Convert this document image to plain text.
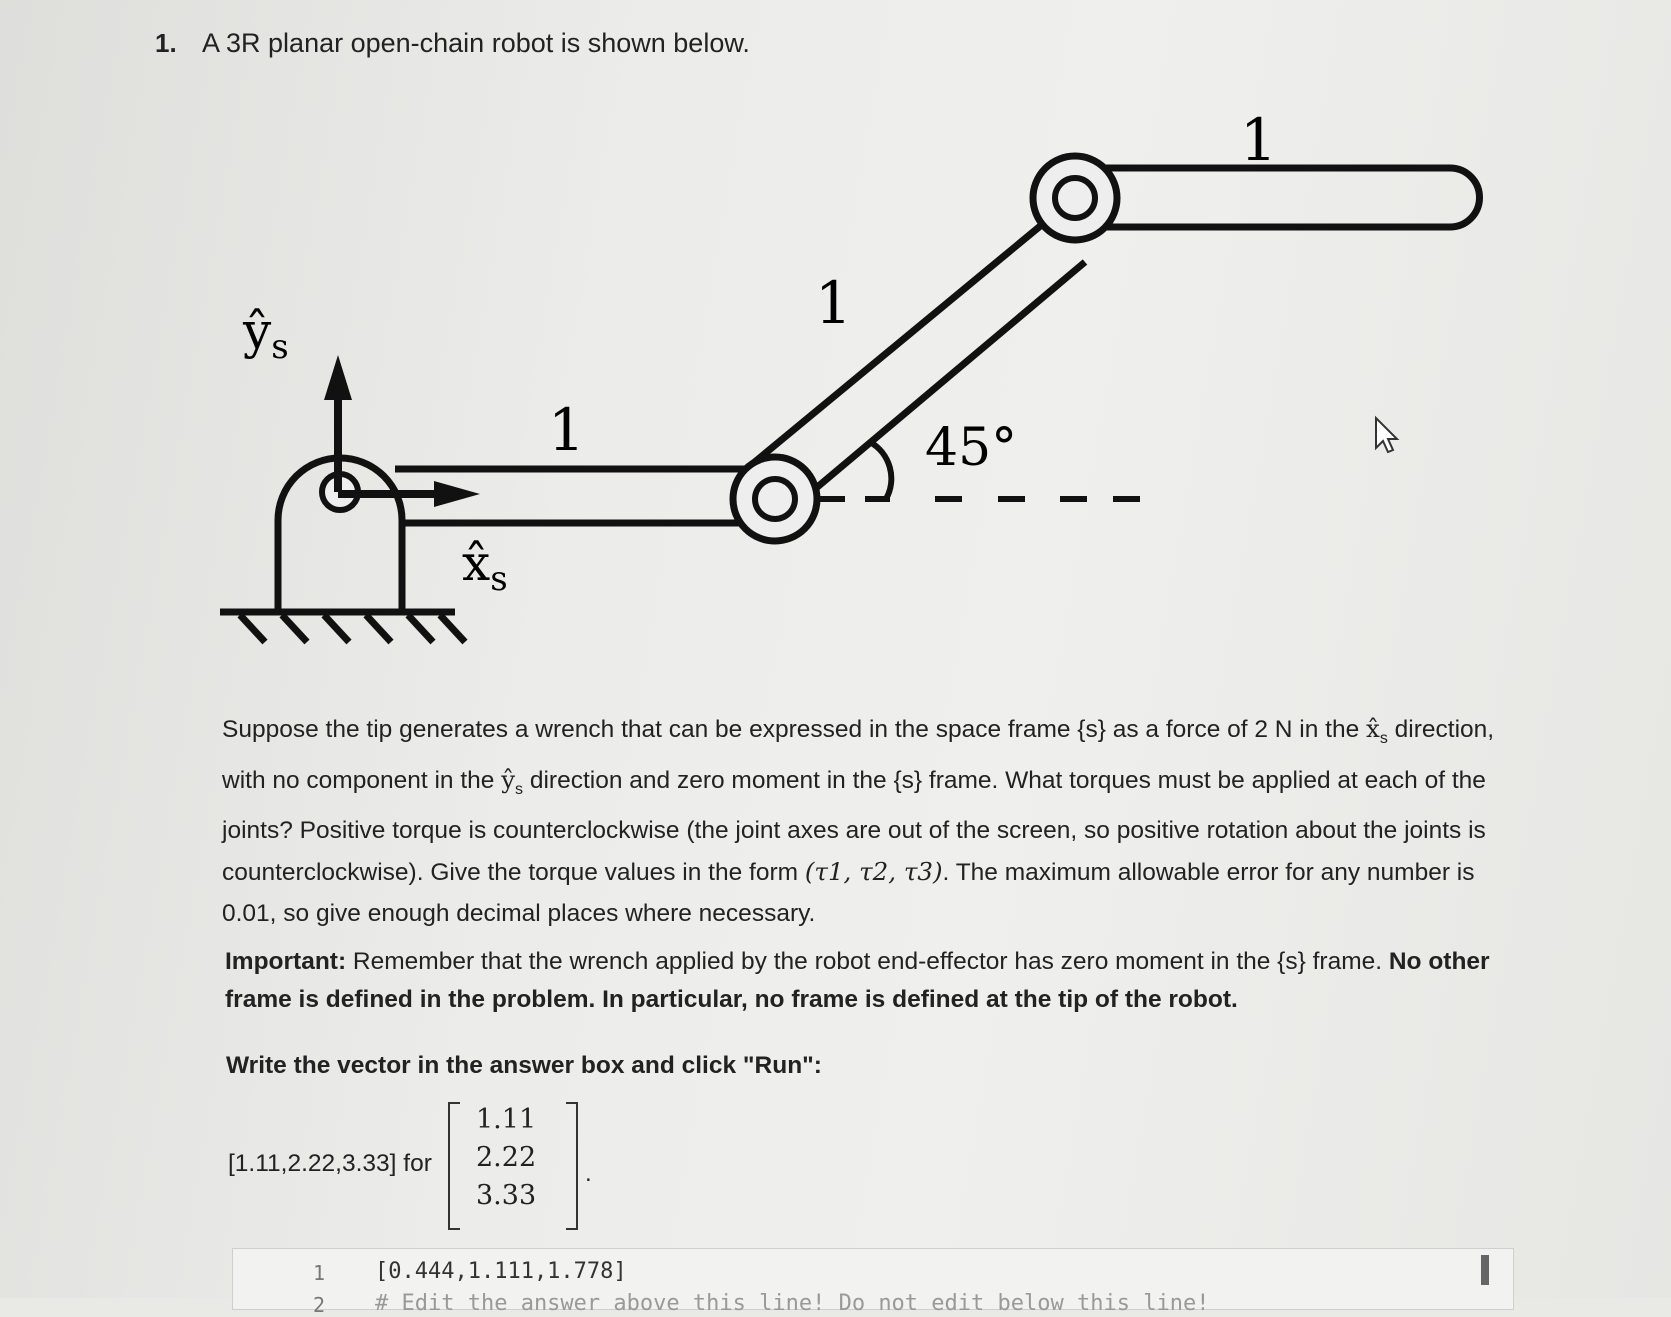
1. A 3R planar open-chain robot is shown below.
$ŷ_s$
$x̂_s$
1
1
1
45°
Suppose the tip generates a wrench that can be expressed in the space frame {s} as a force of 2 N in the $x̂_s$ direction, with no component in the $ŷ_s$ direction and zero moment in the {s} frame. What torques must be applied at each of the joints? Positive torque is counterclockwise (the joint axes are out of the screen, so positive rotation about the joints is counterclockwise). Give the torque values in the form (τ1, τ2, τ3). The maximum allowable error for any number is 0.01, so give enough decimal places where necessary.
Important: Remember that the wrench applied by the robot end-effector has zero moment in the {s} frame. No other frame is defined in the problem. In particular, no frame is defined at the tip of the robot.
Write the vector in the answer box and click "Run":
[1.11,2.22,3.33] for
1.11
2.22
3.33
.
1 [0.444,1.111,1.778]
2 # Edit the answer above this line! Do not edit below this line!
